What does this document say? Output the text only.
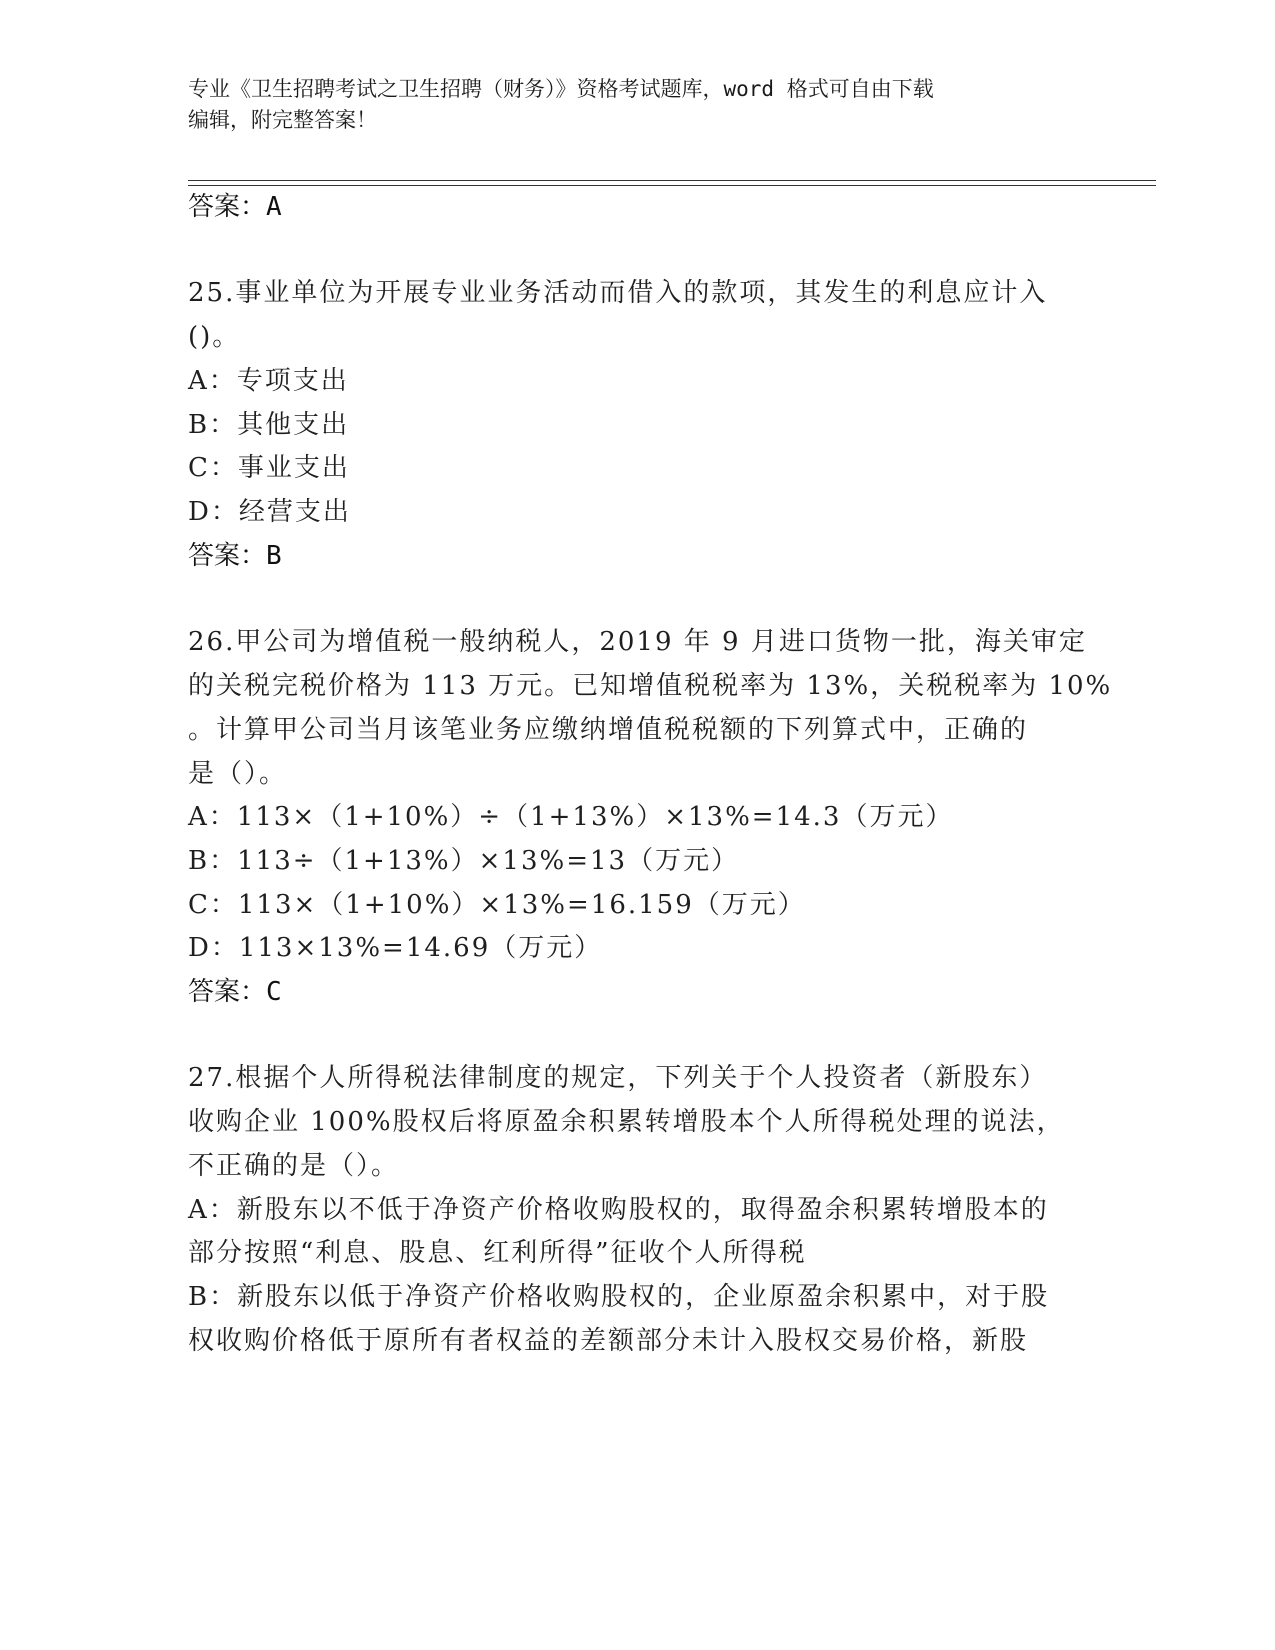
专业《卫生招聘考试之卫生招聘（财务）》资格考试题库，word 格式可自由下载
编辑，附完整答案！
答案：A
25.事业单位为开展专业业务活动而借入的款项，其发生的利息应计入
()。
A：专项支出
B：其他支出
C：事业支出
D：经营支出
答案：B
26.甲公司为增值税一般纳税人，2019 年 9 月进口货物一批，海关审定
的关税完税价格为 113 万元。已知增值税税率为 13%，关税税率为 10%
。计算甲公司当月该笔业务应缴纳增值税税额的下列算式中，正确的
是（）。
A：113×（1+10%）÷（1+13%）×13%=14.3（万元）
B：113÷（1+13%）×13%=13（万元）
C：113×（1+10%）×13%=16.159（万元）
D：113×13%=14.69（万元）
答案：C
27.根据个人所得税法律制度的规定，下列关于个人投资者（新股东）
收购企业 100%股权后将原盈余积累转增股本个人所得税处理的说法，
不正确的是（）。
A：新股东以不低于净资产价格收购股权的，取得盈余积累转增股本的
部分按照“利息、股息、红利所得”征收个人所得税
B：新股东以低于净资产价格收购股权的，企业原盈余积累中，对于股
权收购价格低于原所有者权益的差额部分未计入股权交易价格，新股
